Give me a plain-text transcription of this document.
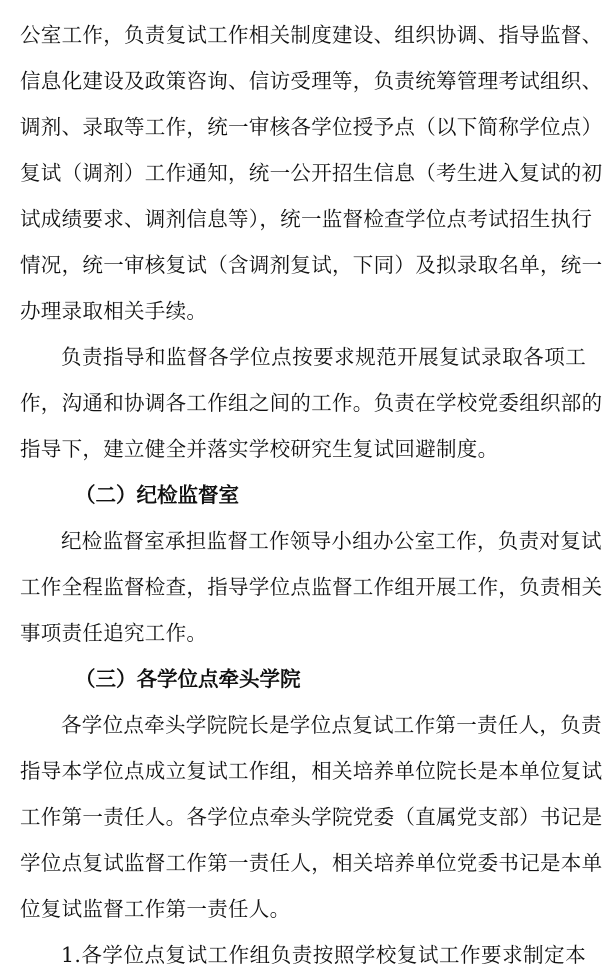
公室工作，负责复试工作相关制度建设、组织协调、指导监督、
信息化建设及政策咨询、信访受理等，负责统筹管理考试组织、
调剂、录取等工作，统一审核各学位授予点（以下简称学位点）
复试（调剂）工作通知，统一公开招生信息（考生进入复试的初
试成绩要求、调剂信息等），统一监督检查学位点考试招生执行
情况，统一审核复试（含调剂复试，下同）及拟录取名单，统一
办理录取相关手续。
负责指导和监督各学位点按要求规范开展复试录取各项工
作，沟通和协调各工作组之间的工作。负责在学校党委组织部的
指导下，建立健全并落实学校研究生复试回避制度。
（二）纪检监督室
纪检监督室承担监督工作领导小组办公室工作，负责对复试
工作全程监督检查，指导学位点监督工作组开展工作，负责相关
事项责任追究工作。
（三）各学位点牵头学院
各学位点牵头学院院长是学位点复试工作第一责任人，负责
指导本学位点成立复试工作组，相关培养单位院长是本单位复试
工作第一责任人。各学位点牵头学院党委（直属党支部）书记是
学位点复试监督工作第一责任人，相关培养单位党委书记是本单
位复试监督工作第一责任人。
1.各学位点复试工作组负责按照学校复试工作要求制定本
